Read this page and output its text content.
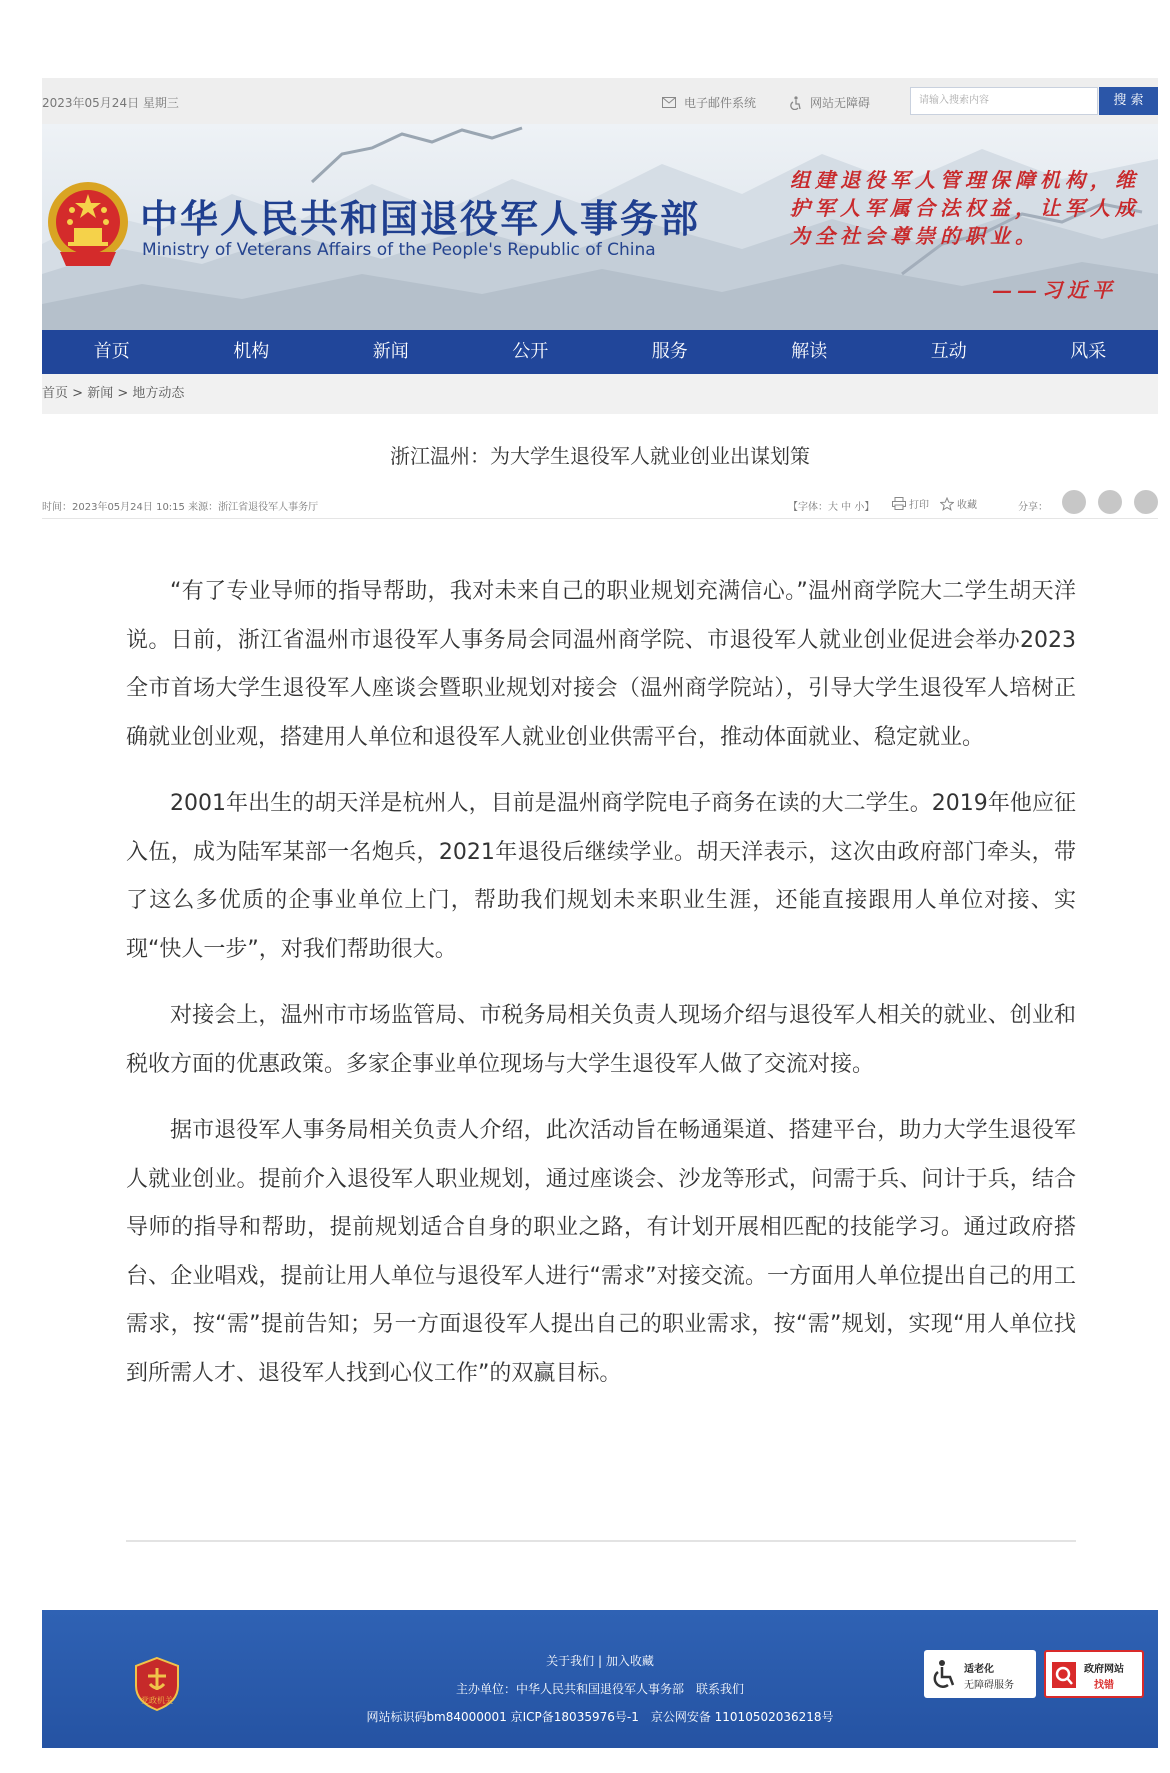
2023年05月24日 星期三	电子邮件系统	网站无障碍	请输入搜索内容	搜 索
中华人民共和国退役军人事务部
Ministry of Veterans Affairs of the People's Republic of China
组建退役军人管理保障机构，维护军人军属合法权益，让军人成为全社会尊崇的职业。
——习近平
首页	机构	新闻	公开	服务	解读	互动	风采
首页 > 新闻 > 地方动态
浙江温州：为大学生退役军人就业创业出谋划策
时间：2023年05月24日 10:15 来源：浙江省退役军人事务厅	【字体：大 中 小】	打印	收藏	分享：

“有了专业导师的指导帮助，我对未来自己的职业规划充满信心。”温州商学院大二学生胡天洋说。日前，浙江省温州市退役军人事务局会同温州商学院、市退役军人就业创业促进会举办2023全市首场大学生退役军人座谈会暨职业规划对接会（温州商学院站），引导大学生退役军人培树正确就业创业观，搭建用人单位和退役军人就业创业供需平台，推动体面就业、稳定就业。

2001年出生的胡天洋是杭州人，目前是温州商学院电子商务在读的大二学生。2019年他应征入伍，成为陆军某部一名炮兵，2021年退役后继续学业。胡天洋表示，这次由政府部门牵头，带了这么多优质的企事业单位上门，帮助我们规划未来职业生涯，还能直接跟用人单位对接、实现“快人一步”，对我们帮助很大。

对接会上，温州市市场监管局、市税务局相关负责人现场介绍与退役军人相关的就业、创业和税收方面的优惠政策。多家企事业单位现场与大学生退役军人做了交流对接。

据市退役军人事务局相关负责人介绍，此次活动旨在畅通渠道、搭建平台，助力大学生退役军人就业创业。提前介入退役军人职业规划，通过座谈会、沙龙等形式，问需于兵、问计于兵，结合导师的指导和帮助，提前规划适合自身的职业之路，有计划开展相匹配的技能学习。通过政府搭台、企业唱戏，提前让用人单位与退役军人进行“需求”对接交流。一方面用人单位提出自己的用工需求，按“需”提前告知；另一方面退役军人提出自己的职业需求，按“需”规划，实现“用人单位找到所需人才、退役军人找到心仪工作”的双赢目标。

党政机关
关于我们 | 加入收藏
主办单位：中华人民共和国退役军人事务部　联系我们
网站标识码bm84000001 京ICP备18035976号-1　京公网安备 11010502036218号
适老化
无障碍服务
政府网站
找错
